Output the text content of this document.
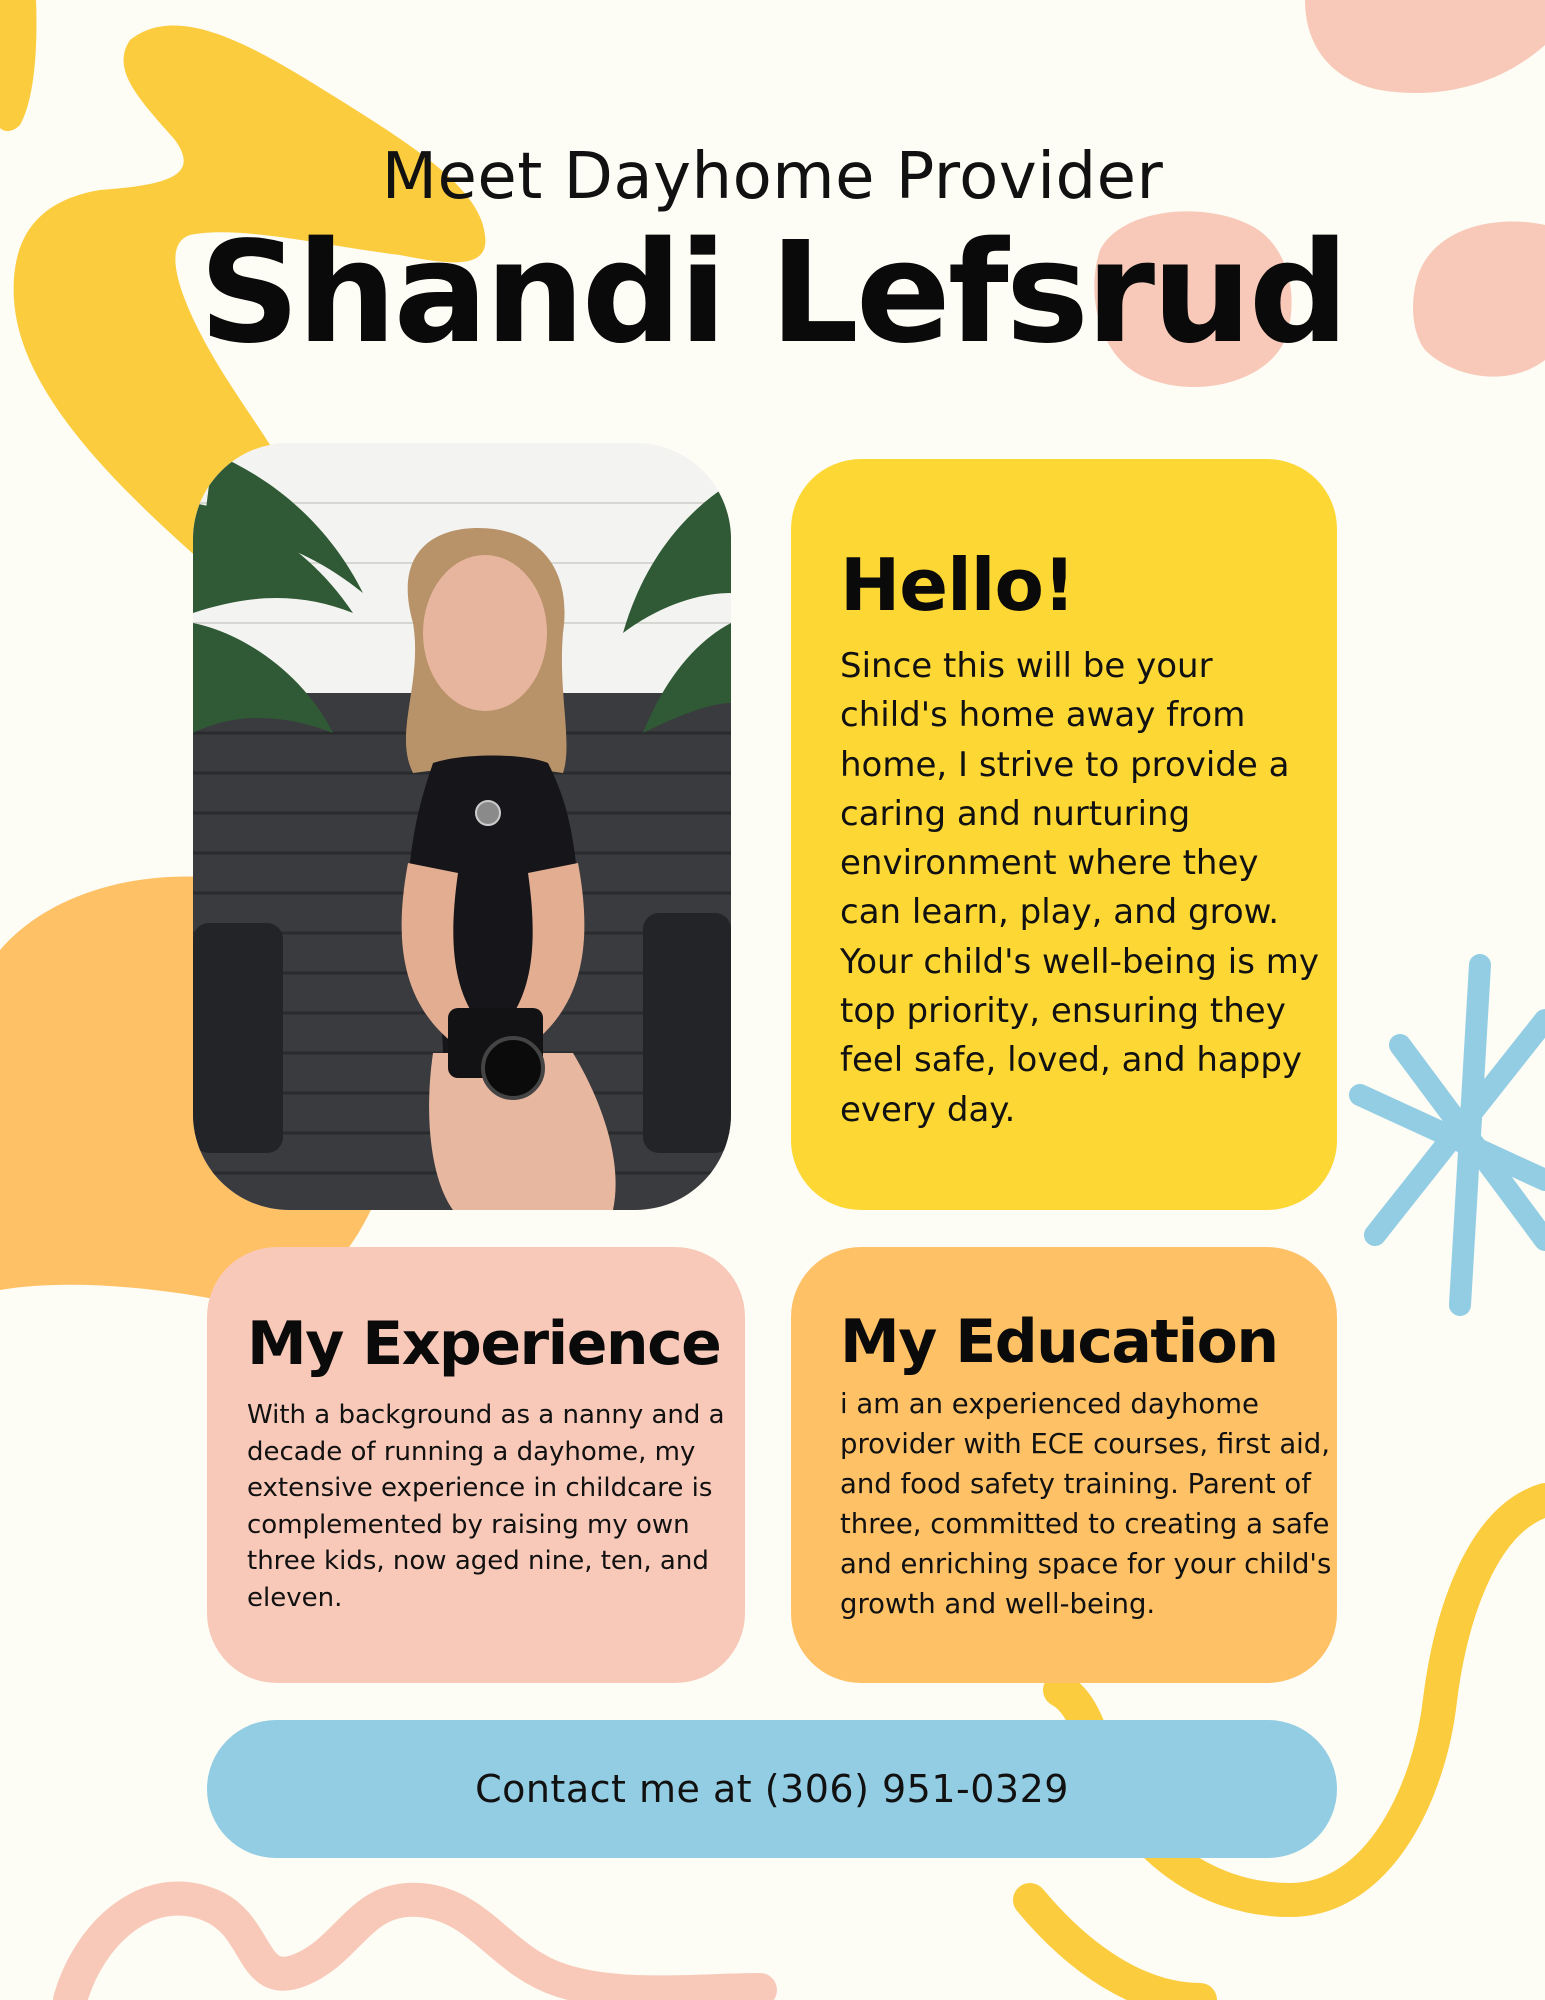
Meet Dayhome Provider
Shandi Lefsrud
Hello!

Since this will be your child's home away from home, I strive to provide a caring and nurturing environment where they can learn, play, and grow. Your child's well-being is my top priority, ensuring they feel safe, loved, and happy every day.

My Experience

With a background as a nanny and a decade of running a dayhome, my extensive experience in childcare is complemented by raising my own three kids, now aged nine, ten, and eleven.

My Education

i am an experienced dayhome provider with ECE courses, first aid, and food safety training. Parent of three, committed to creating a safe and enriching space for your child's growth and well-being.

Contact me at (306) 951-0329
